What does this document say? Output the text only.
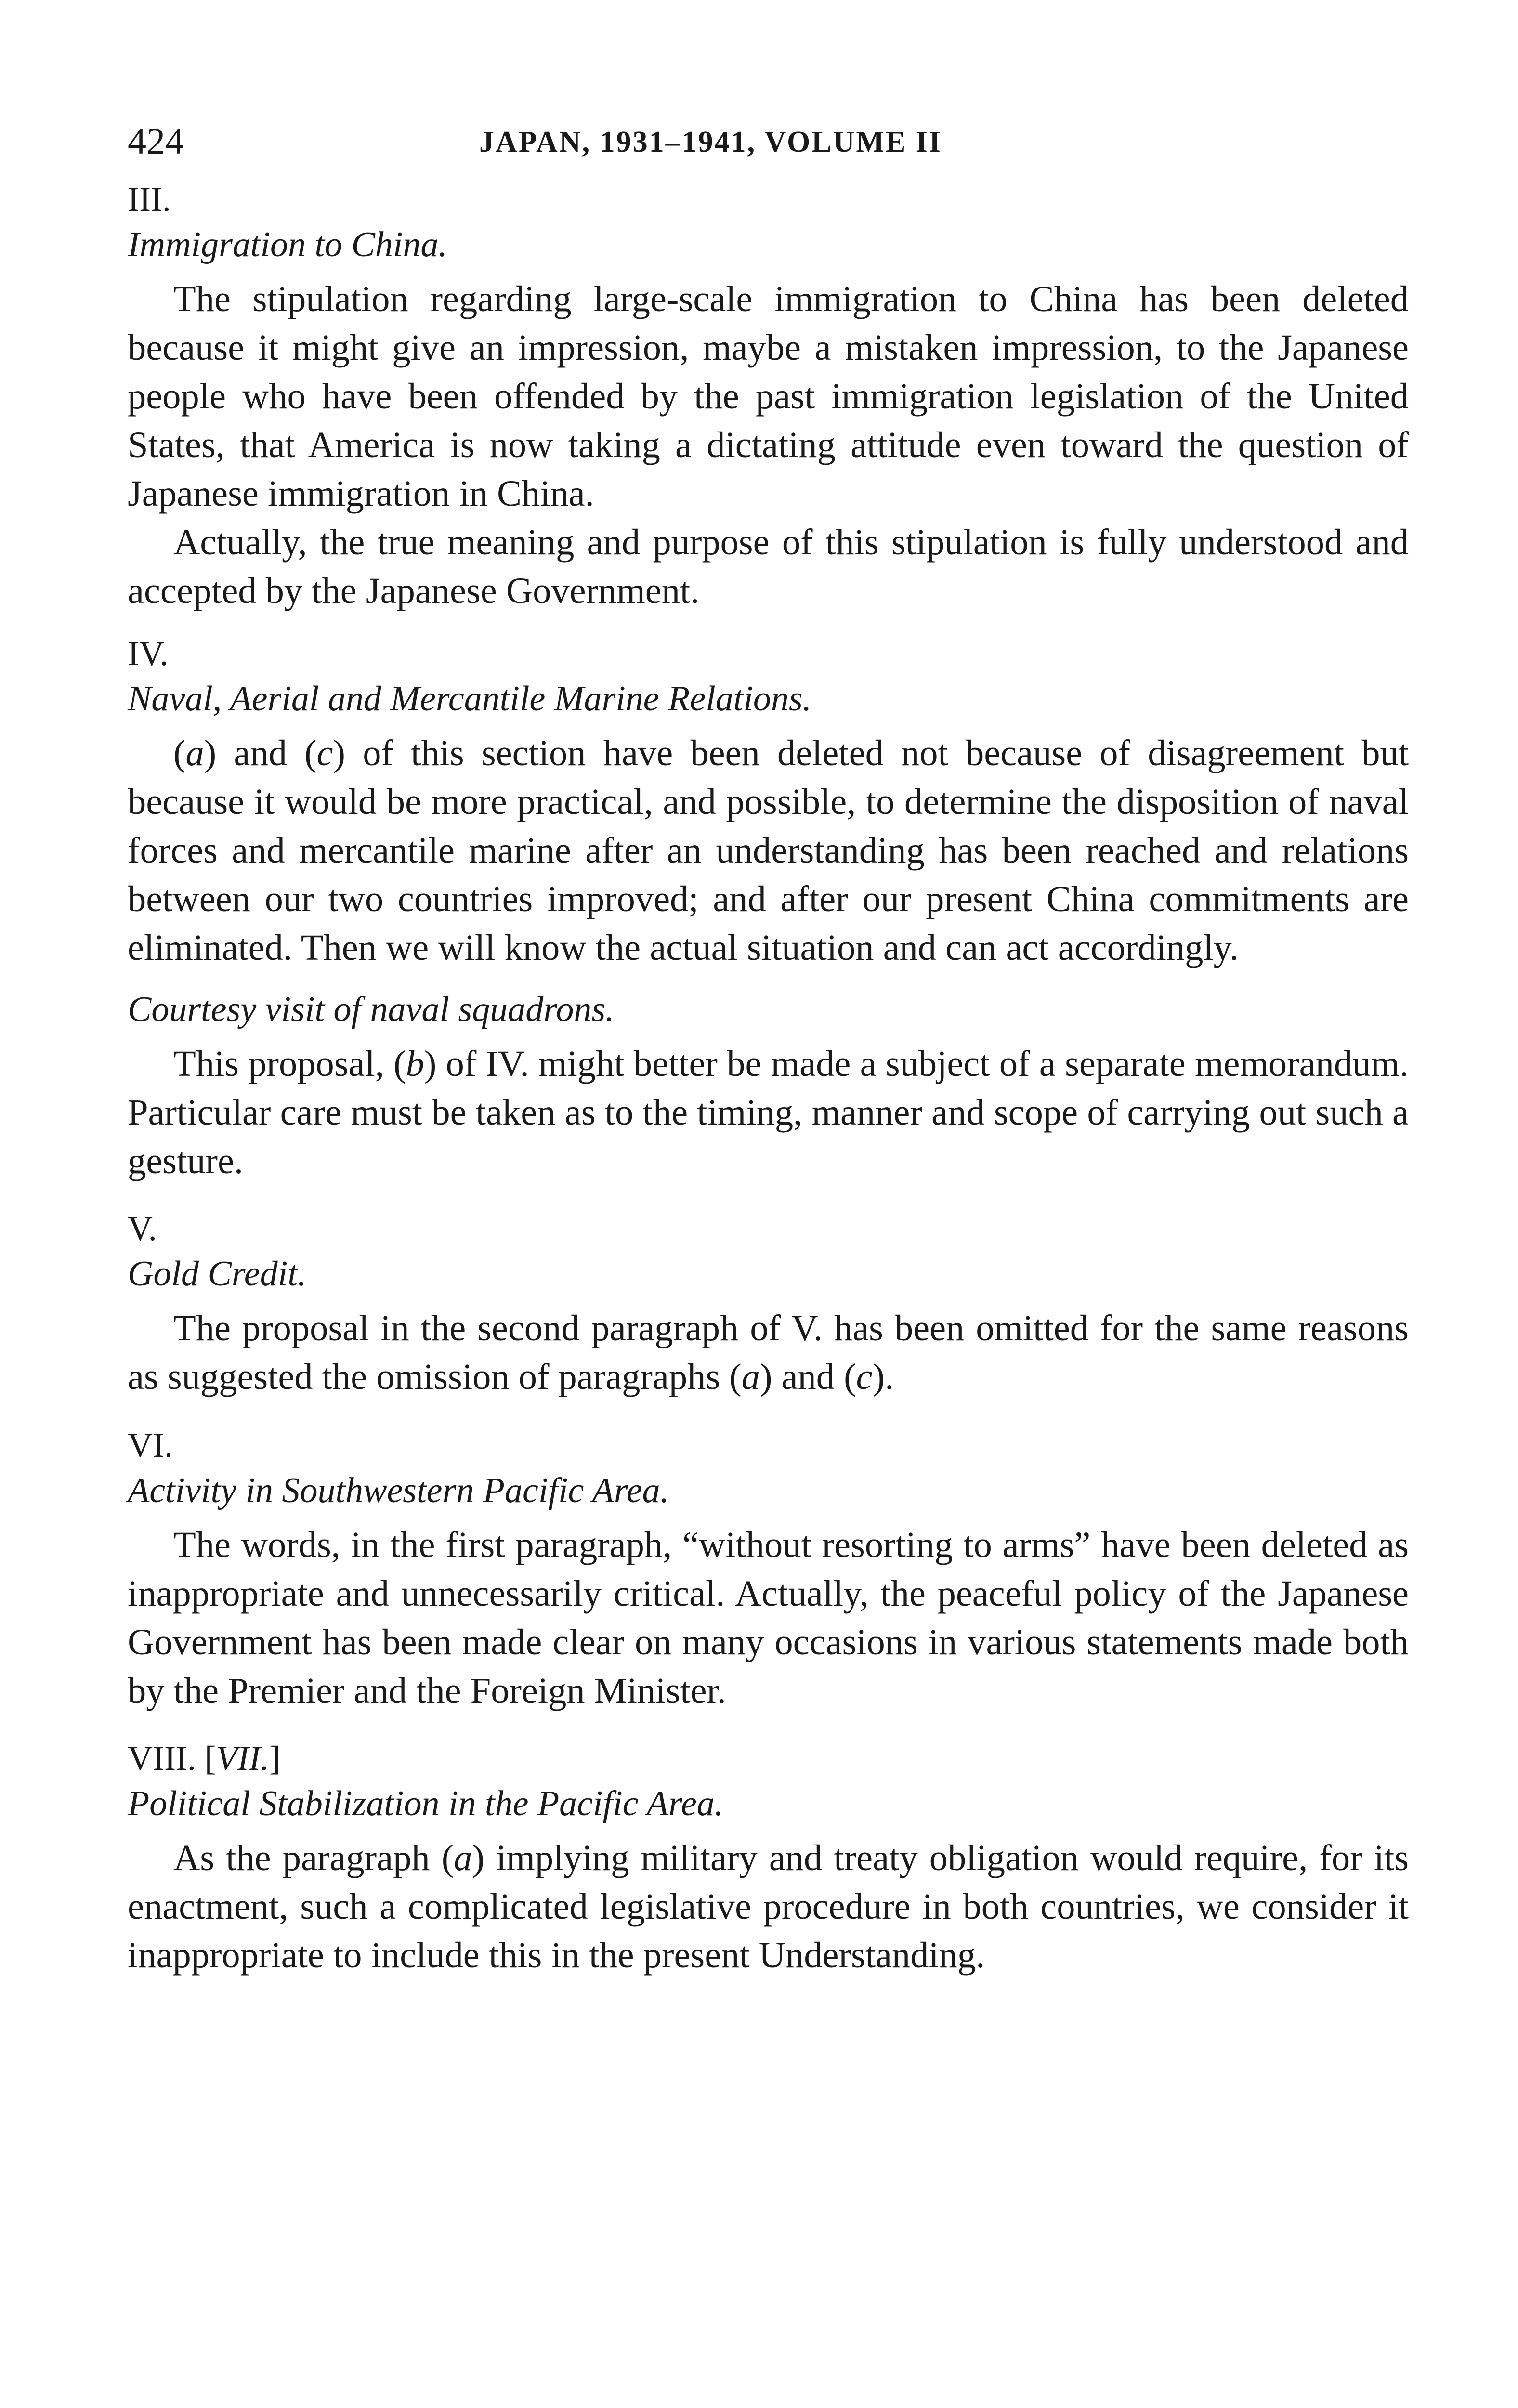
424	JAPAN, 1931–1941, VOLUME II
III.
Immigration to China.

The stipulation regarding large-scale immigration to China has been deleted because it might give an impression, maybe a mistaken impression, to the Japanese people who have been offended by the past immigration legislation of the United States, that America is now taking a dictating attitude even toward the question of Japanese immigration in China.

Actually, the true meaning and purpose of this stipulation is fully understood and accepted by the Japanese Government.

IV.
Naval, Aerial and Mercantile Marine Relations.

(a) and (c) of this section have been deleted not because of disagreement but because it would be more practical, and possible, to determine the disposition of naval forces and mercantile marine after an understanding has been reached and relations between our two countries improved; and after our present China commitments are eliminated. Then we will know the actual situation and can act accordingly.

Courtesy visit of naval squadrons.

This proposal, (b) of IV. might better be made a subject of a separate memorandum. Particular care must be taken as to the timing, manner and scope of carrying out such a gesture.

V.
Gold Credit.

The proposal in the second paragraph of V. has been omitted for the same reasons as suggested the omission of paragraphs (a) and (c).

VI.
Activity in Southwestern Pacific Area.

The words, in the first paragraph, “without resorting to arms” have been deleted as inappropriate and unnecessarily critical. Actually, the peaceful policy of the Japanese Government has been made clear on many occasions in various statements made both by the Premier and the Foreign Minister.

VIII. [VII.]
Political Stabilization in the Pacific Area.

As the paragraph (a) implying military and treaty obligation would require, for its enactment, such a complicated legislative procedure in both countries, we consider it inappropriate to include this in the present Understanding.
